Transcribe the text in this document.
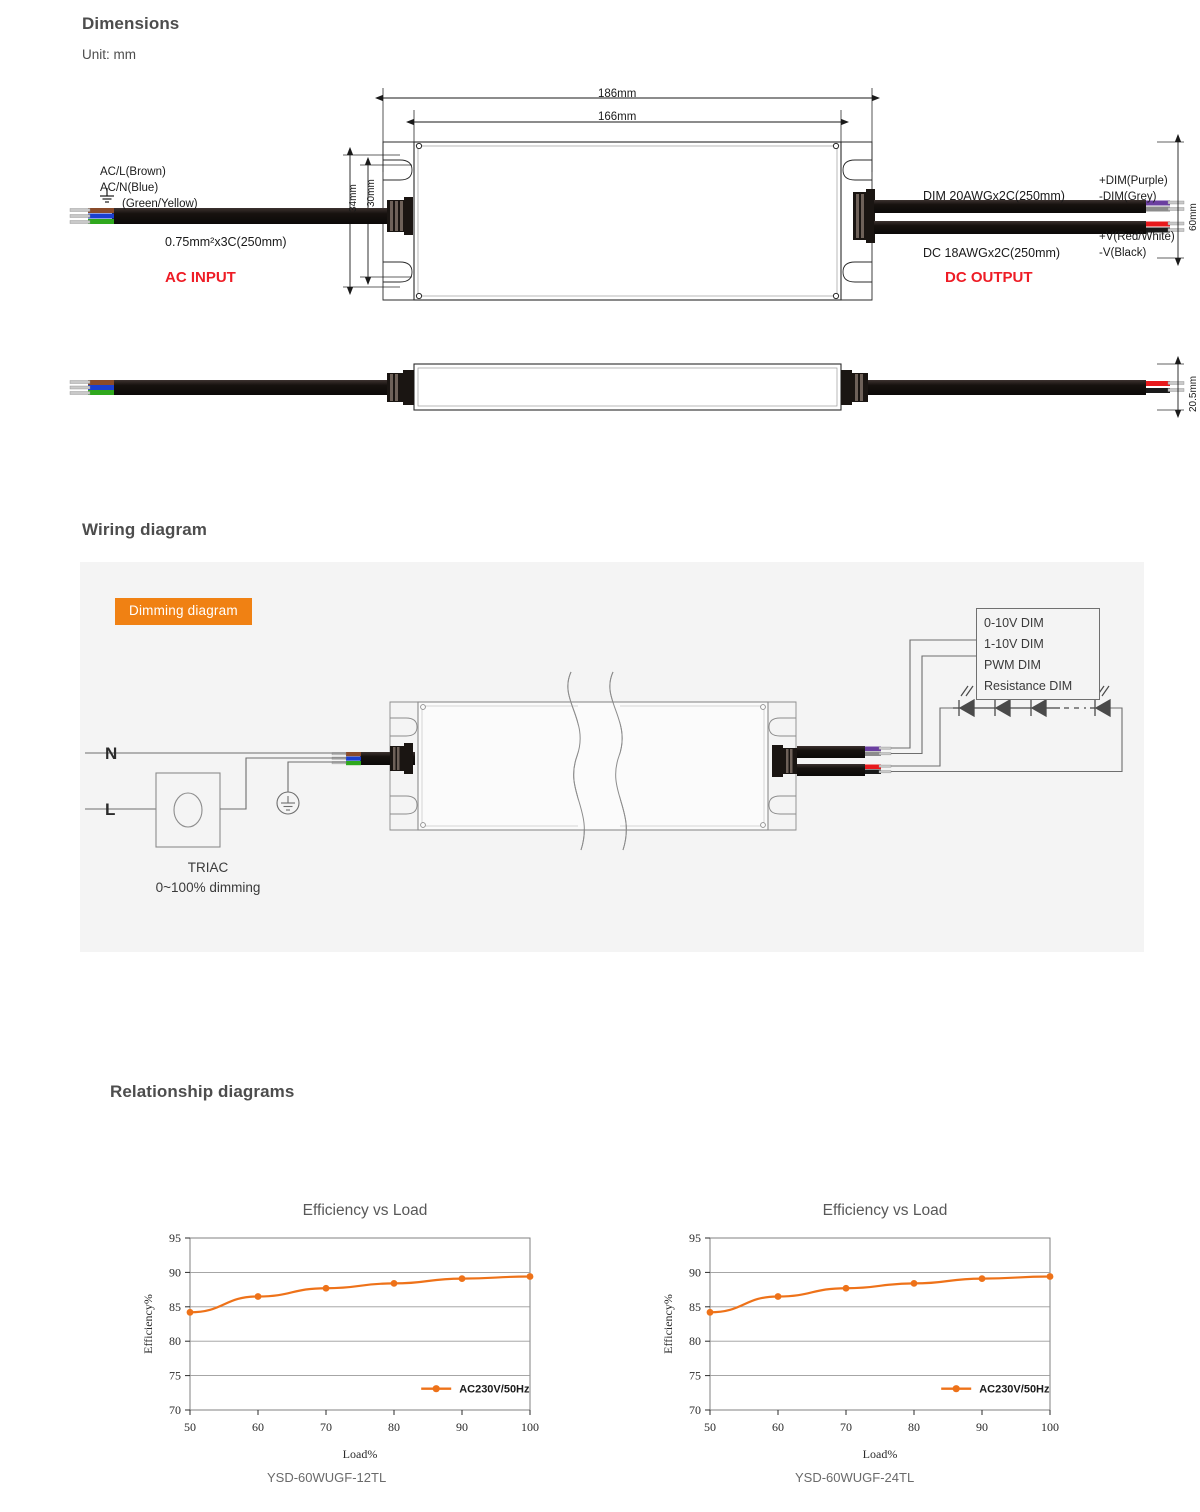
Dimensions
Unit: mm
AC/L(Brown)
AC/N(Blue)
(Green/Yellow)
0.75mm²x3C(250mm)
AC INPUT
DIM 20AWGx2C(250mm)
DC 18AWGx2C(250mm)
+DIM(Purple)
-DIM(Grey)
+V(Red/White)
-V(Black)
DC OUTPUT
186mm
166mm
34mm 30mm
60mm
20.5mm
Wiring diagram
Dimming diagram
N
L
TRIAC
0~100% dimming
0-10V DIM
1-10V DIM
PWM DIM
Resistance DIM
Relationship diagrams
Efficiency vs Load
70
75
80
85
90
95
50	60	70	80	90	100
Load%
Efficiency%
AC230V/50Hz
YSD-60WUGF-12TL
Efficiency vs Load
70
75
80
85
90
95
50	60	70	80	90	100
Load%
Efficiency%
AC230V/50Hz
YSD-60WUGF-24TL
